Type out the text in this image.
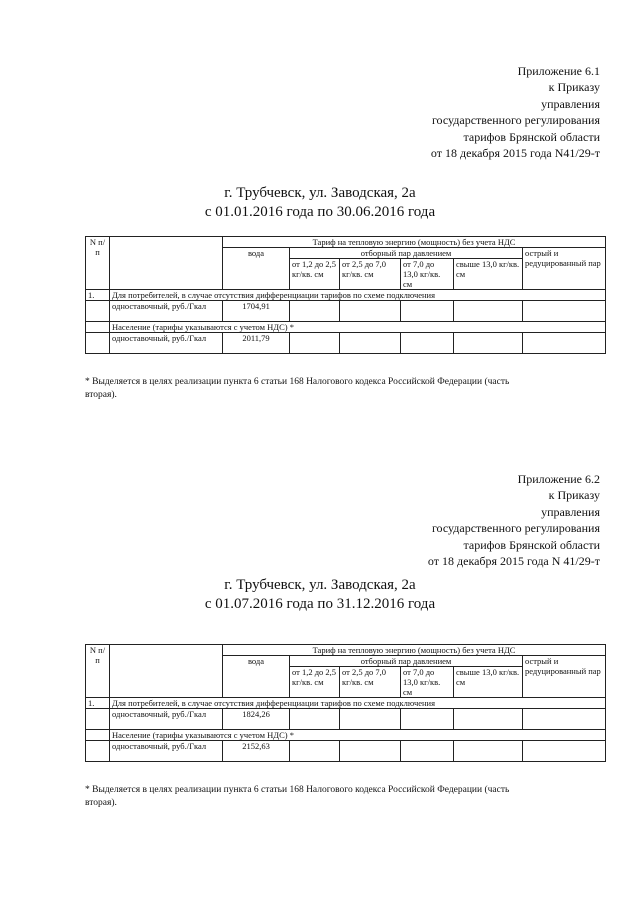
Приложение 6.1
к Приказу
управления
государственного регулирования
тарифов Брянской области
от 18 декабря 2015 года N41/29-т
г. Трубчевск, ул. Заводская, 2а
с 01.01.2016 года по 30.06.2016 года
N п/п		Тариф на тепловую энергию (мощность) без учета НДС					
		вода	отборный пар давлением				острый и редуцированный пар
			от 1,2 до 2,5 кг/кв. см	от 2,5 до 7,0 кг/кв. см	от 7,0 до 13,0 кг/кв. см	свыше 13,0 кг/кв. см	
1.	Для потребителей, в случае отсутствия дифференциации тарифов по схеме подключения						
	одноставочный, руб./Гкал	1704,91					
	Население (тарифы указываются с учетом НДС) *						
	одноставочный, руб./Гкал	2011,79					
* Выделяется в целях реализации пункта 6 статьи 168 Налогового кодекса Российской Федерации (часть вторая).
Приложение 6.2
к Приказу
управления
государственного регулирования
тарифов Брянской области
от 18 декабря 2015 года N 41/29-т
г. Трубчевск, ул. Заводская, 2а
с 01.07.2016 года по 31.12.2016 года
N п/п		Тариф на тепловую энергию (мощность) без учета НДС					
		вода	отборный пар давлением				острый и редуцированный пар
			от 1,2 до 2,5 кг/кв. см	от 2,5 до 7,0 кг/кв. см	от 7,0 до 13,0 кг/кв. см	свыше 13,0 кг/кв. см	
1.	Для потребителей, в случае отсутствия дифференциации тарифов по схеме подключения						
	одноставочный, руб./Гкал	1824,26					
	Население (тарифы указываются с учетом НДС) *						
	одноставочный, руб./Гкал	2152,63					
* Выделяется в целях реализации пункта 6 статьи 168 Налогового кодекса Российской Федерации (часть вторая).
